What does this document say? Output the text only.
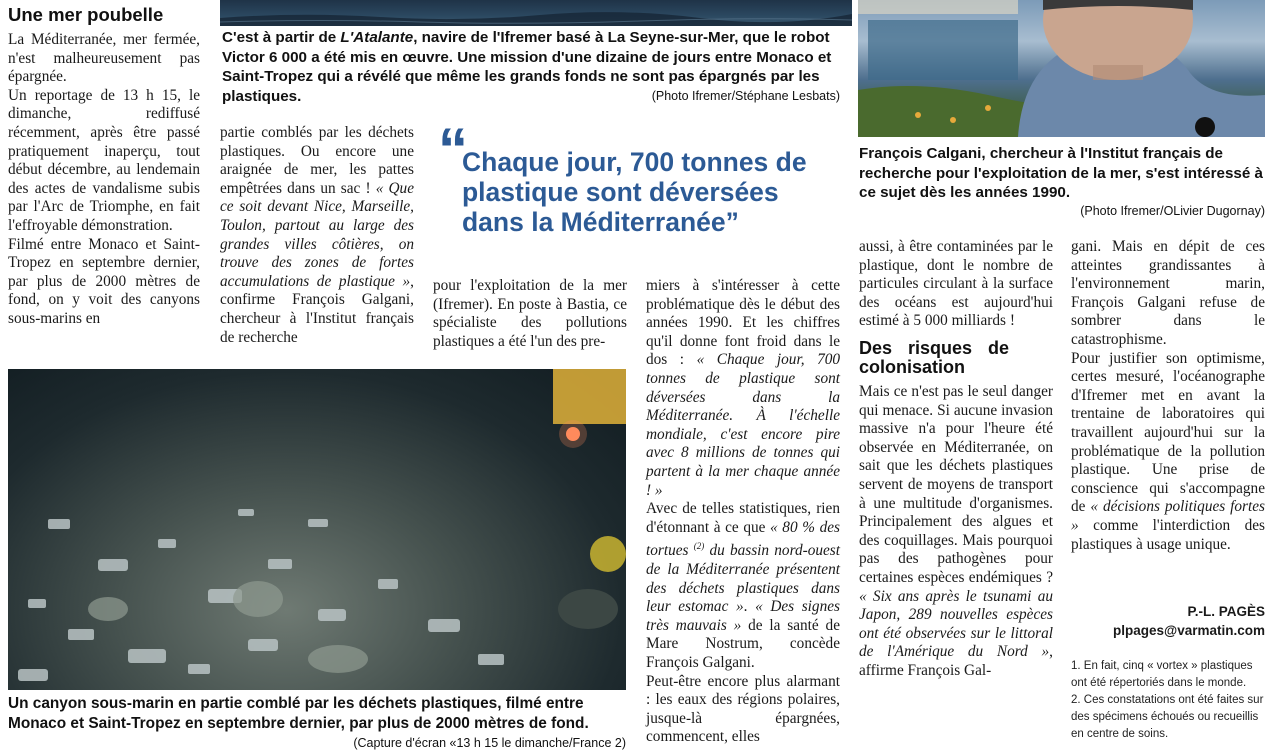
Une mer poubelle

La Méditerranée, mer fermée, n'est malheureusement pas épargnée.

Un reportage de 13 h 15, le dimanche, rediffusé récemment, après être passé pratiquement inaperçu, tout début décembre, au lendemain des actes de vandalisme subis par l'Arc de Triomphe, en fait l'effroyable démonstration.

Filmé entre Monaco et Saint-Tropez en septembre dernier, par plus de 2000 mètres de fond, on y voit des canyons sous-marins en

C'est à partir de L'Atalante, navire de l'Ifremer basé à La Seyne-sur-Mer, que le robot Victor 6 000 a été mis en œuvre. Une mission d'une dizaine de jours entre Monaco et Saint-Tropez qui a révélé que même les grands fonds ne sont pas épargnés par les plastiques.	(Photo Ifremer/Stéphane Lesbats)
François Calgani, chercheur à l'Institut français de recherche pour l'exploitation de la mer, s'est intéressé à ce sujet dès les années 1990.
(Photo Ifremer/OLivier Dugornay)

partie comblés par les déchets plastiques. Ou encore une araignée de mer, les pattes empêtrées dans un sac ! « Que ce soit devant Nice, Marseille, Toulon, partout au large des grandes villes côtières, on trouve des zones de fortes accumulations de plastique », confirme François Galgani, chercheur à l'Institut français de recherche

“
Chaque jour, 700 tonnes de plastique sont déversées dans la Méditerranée”

pour l'exploitation de la mer (Ifremer). En poste à Bastia, ce spécialiste des pollutions plastiques a été l'un des pre-

miers à s'intéresser à cette problématique dès le début des années 1990. Et les chiffres qu'il donne font froid dans le dos : « Chaque jour, 700 tonnes de plastique sont déversées dans la Méditerranée. À l'échelle mondiale, c'est encore pire avec 8 millions de tonnes qui partent à la mer chaque année ! »

Avec de telles statistiques, rien d'étonnant à ce que « 80 % des tortues $^{(2)}$ du bassin nord-ouest de la Méditerranée présentent des déchets plastiques dans leur estomac ». « Des signes très mauvais » de la santé de Mare Nostrum, concède François Galgani.

Peut-être encore plus alarmant : les eaux des régions polaires, jusque-là épargnées, commencent, elles

Un canyon sous-marin en partie comblé par les déchets plastiques, filmé entre Monaco et Saint-Tropez en septembre dernier, par plus de 2000 mètres de fond.
(Capture d'écran «13 h 15 le dimanche/France 2)

aussi, à être contaminées par le plastique, dont le nombre de particules circulant à la surface des océans est aujourd'hui estimé à 5 000 milliards !

Des risques de colonisation

Mais ce n'est pas le seul danger qui menace. Si aucune invasion massive n'a pour l'heure été observée en Méditerranée, on sait que les déchets plastiques servent de moyens de transport à une multitude d'organismes. Principalement des algues et des coquillages. Mais pourquoi pas des pathogènes pour certaines espèces endémiques ? « Six ans après le tsunami au Japon, 289 nouvelles espèces ont été observées sur le littoral de l'Amérique du Nord », affirme François Gal-

gani. Mais en dépit de ces atteintes grandissantes à l'environnement marin, François Galgani refuse de sombrer dans le catastrophisme.

Pour justifier son optimisme, certes mesuré, l'océanographe d'Ifremer met en avant la trentaine de laboratoires qui travaillent aujourd'hui sur la problématique de la pollution plastique. Une prise de conscience qui s'accompagne de « décisions politiques fortes » comme l'interdiction des plastiques à usage unique.

P.-L. PAGÈS
plpages@varmatin.com
1. En fait, cinq « vortex » plastiques ont été répertoriés dans le monde.
2. Ces constatations ont été faites sur des spécimens échoués ou recueillis en centre de soins.
